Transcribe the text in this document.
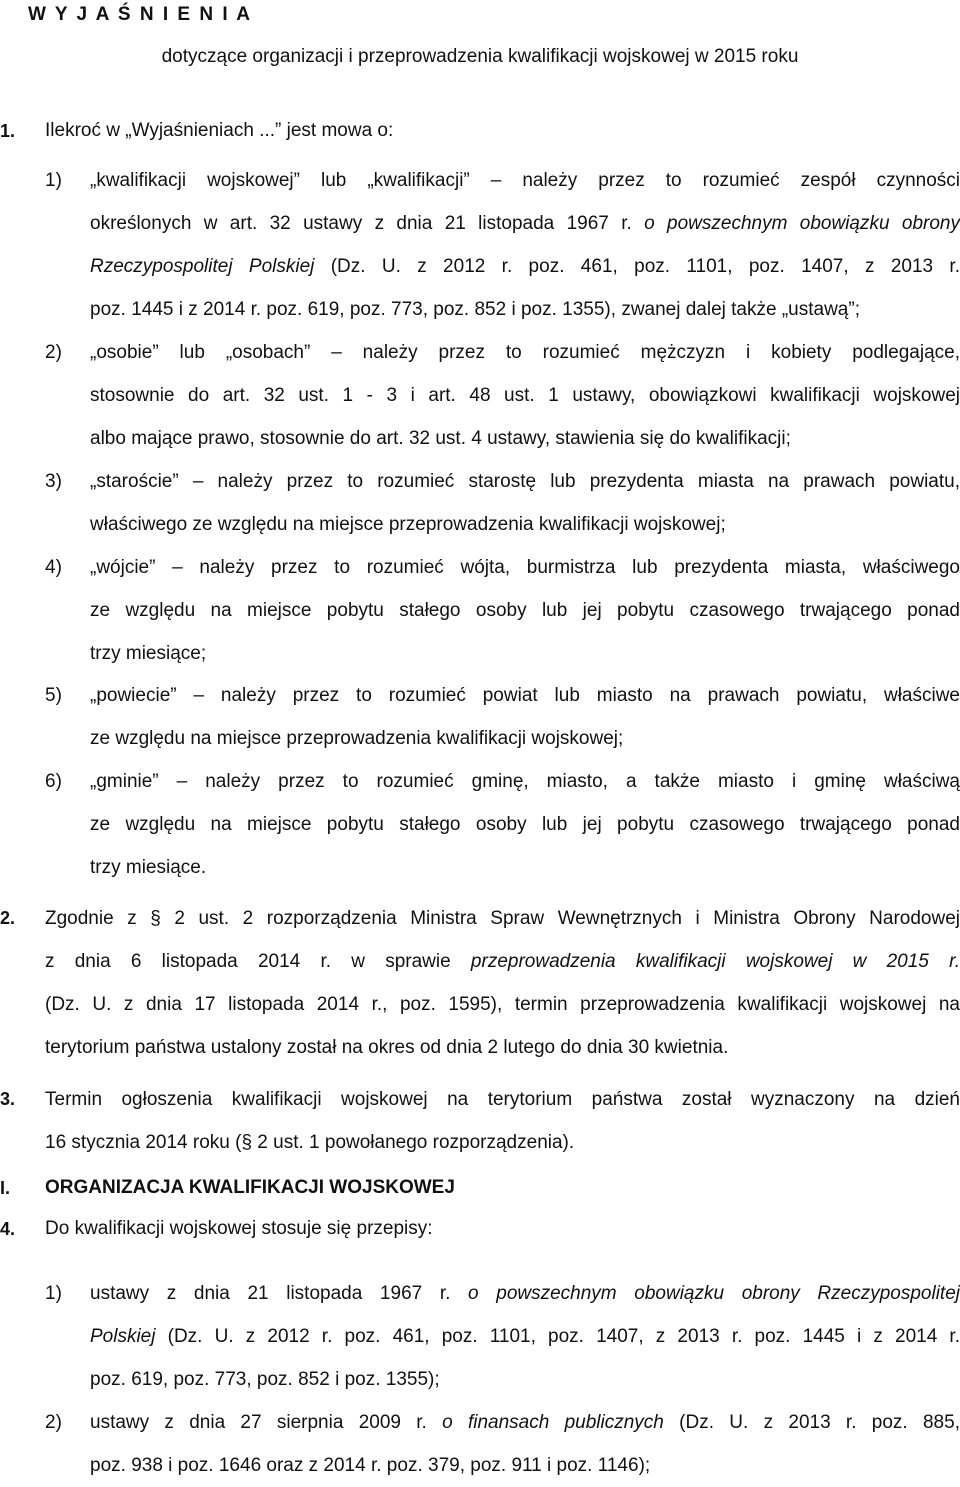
W Y J A Ś N I E N I A

dotyczące organizacji i przeprowadzenia kwalifikacji wojskowej w 2015 roku

1. Ilekroć w „Wyjaśnieniach ...” jest mowa o:
1) „kwalifikacji wojskowej” lub „kwalifikacji” – należy przez to rozumieć zespół czynności
określonych w art. 32 ustawy z dnia 21 listopada 1967 r. o powszechnym obowiązku obrony
Rzeczypospolitej Polskiej (Dz. U. z 2012 r. poz. 461, poz. 1101, poz. 1407, z 2013 r.
poz. 1445 i z 2014 r. poz. 619, poz. 773, poz. 852 i poz. 1355), zwanej dalej także „ustawą”;
2) „osobie” lub „osobach” – należy przez to rozumieć mężczyzn i kobiety podlegające,
stosownie do art. 32 ust. 1 - 3 i art. 48 ust. 1 ustawy, obowiązkowi kwalifikacji wojskowej
albo mające prawo, stosownie do art. 32 ust. 4 ustawy, stawienia się do kwalifikacji;
3) „staroście” – należy przez to rozumieć starostę lub prezydenta miasta na prawach powiatu,
właściwego ze względu na miejsce przeprowadzenia kwalifikacji wojskowej;
4) „wójcie” – należy przez to rozumieć wójta, burmistrza lub prezydenta miasta, właściwego
ze względu na miejsce pobytu stałego osoby lub jej pobytu czasowego trwającego ponad
trzy miesiące;
5) „powiecie” – należy przez to rozumieć powiat lub miasto na prawach powiatu, właściwe
ze względu na miejsce przeprowadzenia kwalifikacji wojskowej;
6) „gminie” – należy przez to rozumieć gminę, miasto, a także miasto i gminę właściwą
ze względu na miejsce pobytu stałego osoby lub jej pobytu czasowego trwającego ponad
trzy miesiące.
2. Zgodnie z § 2 ust. 2 rozporządzenia Ministra Spraw Wewnętrznych i Ministra Obrony Narodowej
z dnia 6 listopada 2014 r. w sprawie przeprowadzenia kwalifikacji wojskowej w 2015 r.
(Dz. U. z dnia 17 listopada 2014 r., poz. 1595), termin przeprowadzenia kwalifikacji wojskowej na
terytorium państwa ustalony został na okres od dnia 2 lutego do dnia 30 kwietnia.
3. Termin ogłoszenia kwalifikacji wojskowej na terytorium państwa został wyznaczony na dzień
16 stycznia 2014 roku (§ 2 ust. 1 powołanego rozporządzenia).
I. ORGANIZACJA KWALIFIKACJI WOJSKOWEJ
4. Do kwalifikacji wojskowej stosuje się przepisy:
1) ustawy z dnia 21 listopada 1967 r. o powszechnym obowiązku obrony Rzeczypospolitej
Polskiej (Dz. U. z 2012 r. poz. 461, poz. 1101, poz. 1407, z 2013 r. poz. 1445 i z 2014 r.
poz. 619, poz. 773, poz. 852 i poz. 1355);
2) ustawy z dnia 27 sierpnia 2009 r. o finansach publicznych (Dz. U. z 2013 r. poz. 885,
poz. 938 i poz. 1646 oraz z 2014 r. poz. 379, poz. 911 i poz. 1146);
